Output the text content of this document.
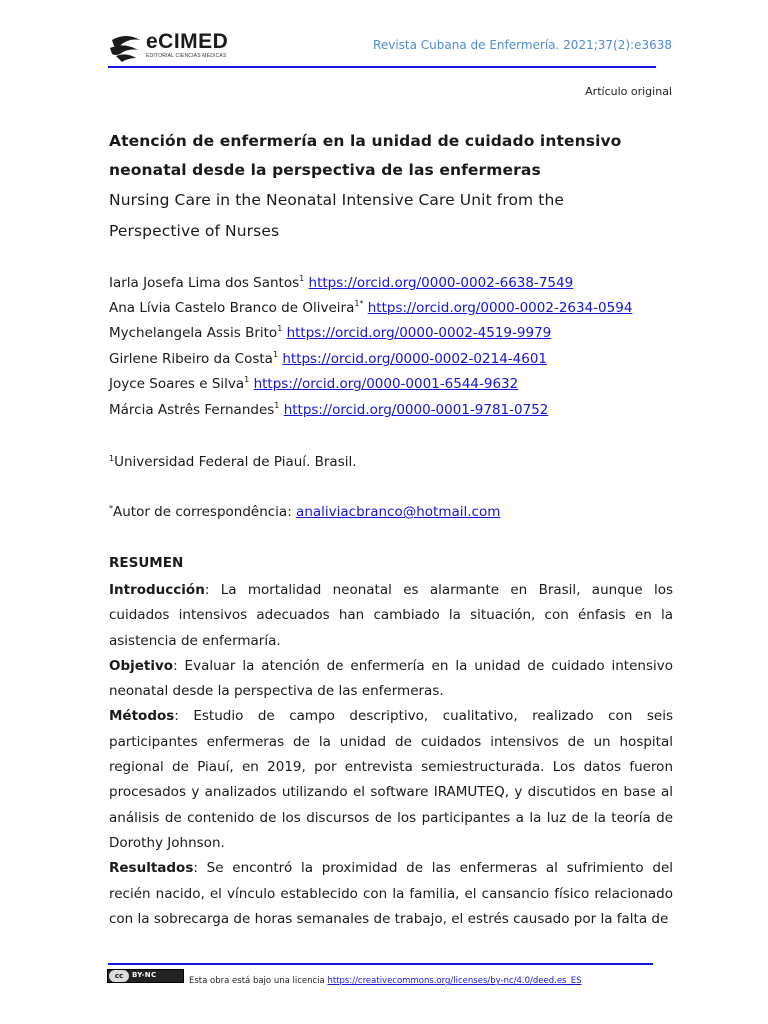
eCIMED
EDITORIAL CIENCIAS MÉDICAS
Revista Cubana de Enfermería. 2021;37(2):e3638
Artículo original
Atención de enfermería en la unidad de cuidado intensivo
neonatal desde la perspectiva de las enfermeras
Nursing Care in the Neonatal Intensive Care Unit from the
Perspective of Nurses
Iarla Josefa Lima dos Santos$^1$ https://orcid.org/0000-0002-6638-7549
Ana Lívia Castelo Branco de Oliveira$^{1*}$ https://orcid.org/0000-0002-2634-0594
Mychelangela Assis Brito$^1$ https://orcid.org/0000-0002-4519-9979
Girlene Ribeiro da Costa$^1$ https://orcid.org/0000-0002-0214-4601
Joyce Soares e Silva$^1$ https://orcid.org/0000-0001-6544-9632
Márcia Astrês Fernandes$^1$ https://orcid.org/0000-0001-9781-0752
$^1$Universidad Federal de Piauí. Brasil.
*Autor de correspondência: analiviacbranco@hotmail.com
RESUMEN

Introducción: La mortalidad neonatal es alarmante en Brasil, aunque los cuidados intensivos adecuados han cambiado la situación, con énfasis en la asistencia de enfermaría.

Objetivo: Evaluar la atención de enfermería en la unidad de cuidado intensivo neonatal desde la perspectiva de las enfermeras.

Métodos: Estudio de campo descriptivo, cualitativo, realizado con seis participantes enfermeras de la unidad de cuidados intensivos de un hospital regional de Piauí, en 2019, por entrevista semiestructurada. Los datos fueron procesados y analizados utilizando el software IRAMUTEQ, y discutidos en base al análisis de contenido de los discursos de los participantes a la luz de la teoría de Dorothy Johnson.

Resultados: Se encontró la proximidad de las enfermeras al sufrimiento del recién nacido, el vínculo establecido con la familia, el cansancio físico relacionado con la sobrecarga de horas semanales de trabajo, el estrés causado por la falta de

cc	BY-NC
Esta obra está bajo una licencia https://creativecommons.org/licenses/by-nc/4.0/deed.es_ES
